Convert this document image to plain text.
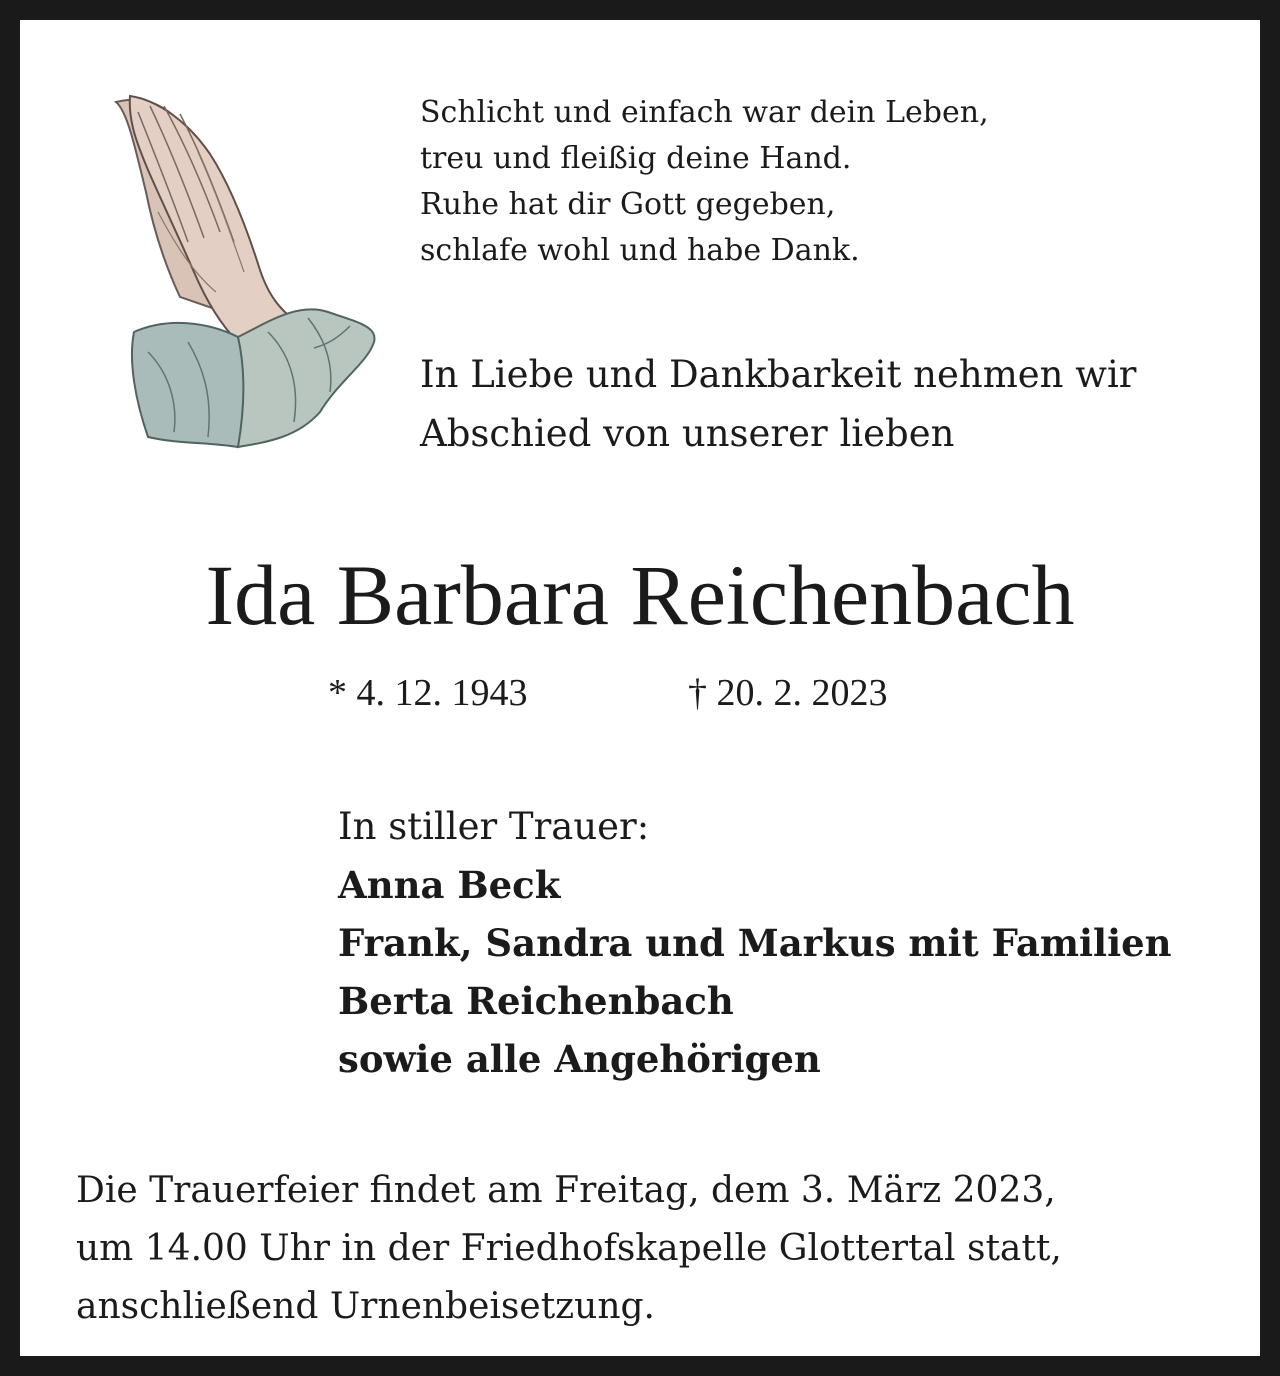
Schlicht und einfach war dein Leben,
treu und fleißig deine Hand.
Ruhe hat dir Gott gegeben,
schlafe wohl und habe Dank.
In Liebe und Dankbarkeit nehmen wir
Abschied von unserer lieben
Ida Barbara Reichenbach
* 4. 12. 1943	† 20. 2. 2023
In stiller Trauer:
Anna Beck
Frank, Sandra und Markus mit Familien
Berta Reichenbach
sowie alle Angehörigen
Die Trauerfeier findet am Freitag, dem 3. März 2023,
um 14.00 Uhr in der Friedhofskapelle Glottertal statt,
anschließend Urnenbeisetzung.
